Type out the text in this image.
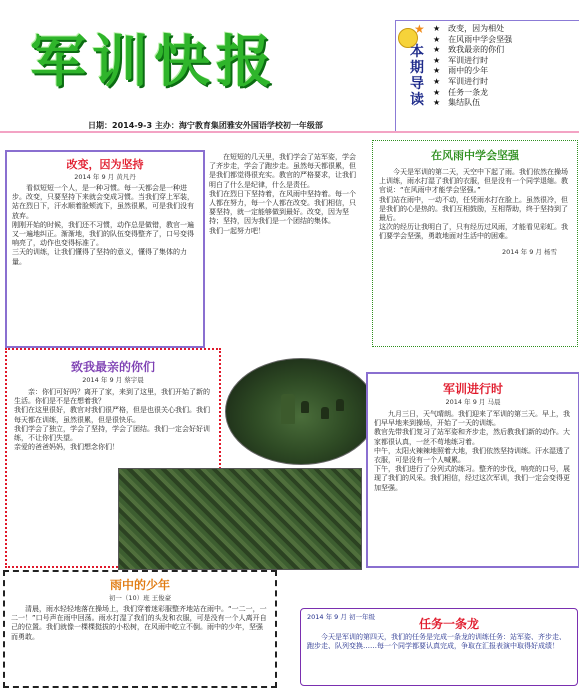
军训快报
日期：2014-9-3 主办：海宁教育集团雅安外国语学校初一年级部
★
本期导读
★　改变，因为相处
★　在风雨中学会坚强
★　致我最亲的你们
★　军训进行时
★　雨中的少年
★　军训进行时
★　任务一条龙
★　集结队伍
改变，因为坚持
2014 年 9 月 黄凡丹
看似短短一个人，是一种习惯。每一天都会是一种进步。改变，只要坚持下来就会变成习惯。当我们穿上军装，站在烈日下，汗水顺着脸颊流下，虽然很累，可是我们没有放弃。
刚刚开始的时候，我们还不习惯，动作总是做错，教官一遍又一遍地纠正。渐渐地，我们的队伍变得整齐了，口号变得响亮了，动作也变得标准了。
三天的训练，让我们懂得了坚持的意义，懂得了集体的力量。
在短短的几天里，我们学会了站军姿，学会了齐步走，学会了跑步走。虽然每天都很累，但是我们都觉得很充实。教官的严格要求，让我们明白了什么是纪律，什么是责任。
我们在烈日下坚持着，在风雨中坚持着。每一个人都在努力，每一个人都在改变。我们相信，只要坚持，就一定能够做到最好。改变，因为坚持；坚持，因为我们是一个团结的集体。
我们一起努力吧！
在风雨中学会坚强
今天是军训的第二天，天空中下起了雨。我们依然在操场上训练，雨水打湿了我们的衣服，但是没有一个同学退缩。教官说：“在风雨中才能学会坚强。”
我们站在雨中，一动不动，任凭雨水打在脸上。虽然很冷，但是我们的心是热的。我们互相鼓励，互相帮助，终于坚持到了最后。
这次的经历让我明白了，只有经历过风雨，才能看见彩虹。我们要学会坚强，勇敢地面对生活中的困难。
2014 年 9 月 杨雪
致我最亲的你们
2014 年 9 月 蔡宇晨
亲：你们可好吗？离开了家，来到了这里，我们开始了新的生活。你们是不是在想着我？
我们在这里很好，教官对我们很严格，但是也很关心我们。我们每天都在训练，虽然很累，但是很快乐。
我们学会了独立，学会了坚持，学会了团结。我们一定会好好训练，不让你们失望。
亲爱的爸爸妈妈，我们想念你们！
军训进行时
2014 年 9 月 马晨
九月三日，天气晴朗。我们迎来了军训的第三天。早上，我们早早地来到操场，开始了一天的训练。
教官先带我们复习了站军姿和齐步走，然后教我们新的动作。大家都很认真，一丝不苟地练习着。
中午，太阳火辣辣地照着大地，我们依然坚持训练。汗水湿透了衣服，可是没有一个人喊累。
下午，我们进行了分列式的练习。整齐的步伐，响亮的口号，展现了我们的风采。我们相信，经过这次军训，我们一定会变得更加坚强。
雨中的少年
初一（10）班 王俊豪
清晨，雨水轻轻地落在操场上，我们穿着迷彩服整齐地站在雨中。“一二一，一二一！”口号声在雨中回荡。雨水打湿了我们的头发和衣服，可是没有一个人离开自己的位置。我们就像一棵棵挺拔的小松树，在风雨中屹立不倒。雨中的少年，坚强而勇敢。
2014 年 9 月 初一年级	任务一条龙
今天是军训的第四天，我们的任务是完成一条龙的训练任务：站军姿、齐步走、跑步走、队列变换……每一个同学都要认真完成，争取在汇报表演中取得好成绩！
